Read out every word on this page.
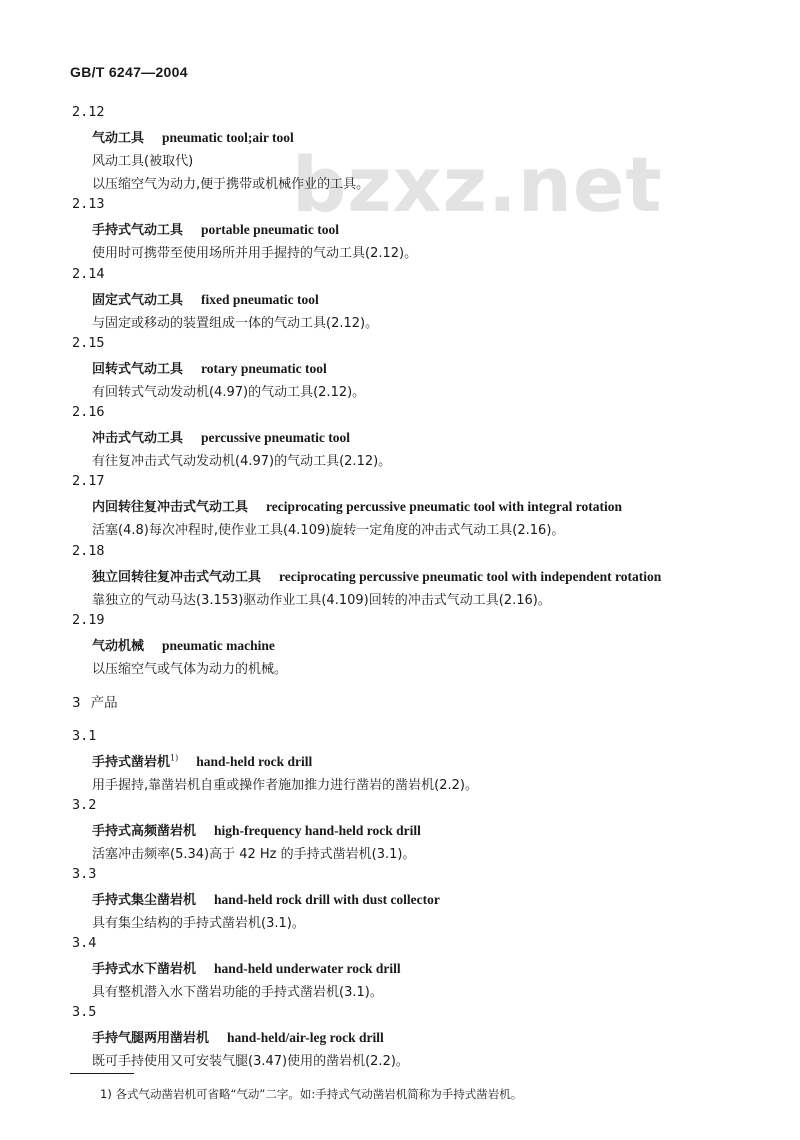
GB/T 6247—2004
bzxz.net
2.12
气动工具 pneumatic tool;air tool
风动工具(被取代)
以压缩空气为动力,便于携带或机械作业的工具。
2.13
手持式气动工具 portable pneumatic tool
使用时可携带至使用场所并用手握持的气动工具(2.12)。
2.14
固定式气动工具 fixed pneumatic tool
与固定或移动的装置组成一体的气动工具(2.12)。
2.15
回转式气动工具 rotary pneumatic tool
有回转式气动发动机(4.97)的气动工具(2.12)。
2.16
冲击式气动工具 percussive pneumatic tool
有往复冲击式气动发动机(4.97)的气动工具(2.12)。
2.17
内回转往复冲击式气动工具 reciprocating percussive pneumatic tool with integral rotation
活塞(4.8)每次冲程时,使作业工具(4.109)旋转一定角度的冲击式气动工具(2.16)。
2.18
独立回转往复冲击式气动工具 reciprocating percussive pneumatic tool with independent rotation
靠独立的气动马达(3.153)驱动作业工具(4.109)回转的冲击式气动工具(2.16)。
2.19
气动机械 pneumatic machine
以压缩空气或气体为动力的机械。
3 产品
3.1
手持式凿岩机$^{1)}$ hand-held rock drill
用手握持,靠凿岩机自重或操作者施加推力进行凿岩的凿岩机(2.2)。
3.2
手持式高频凿岩机 high-frequency hand-held rock drill
活塞冲击频率(5.34)高于 42 Hz 的手持式凿岩机(3.1)。
3.3
手持式集尘凿岩机 hand-held rock drill with dust collector
具有集尘结构的手持式凿岩机(3.1)。
3.4
手持式水下凿岩机 hand-held underwater rock drill
具有整机潜入水下凿岩功能的手持式凿岩机(3.1)。
3.5
手持气腿两用凿岩机 hand-held/air-leg rock drill
既可手持使用又可安装气腿(3.47)使用的凿岩机(2.2)。
1) 各式气动凿岩机可省略“气动”二字。如:手持式气动凿岩机简称为手持式凿岩机。
